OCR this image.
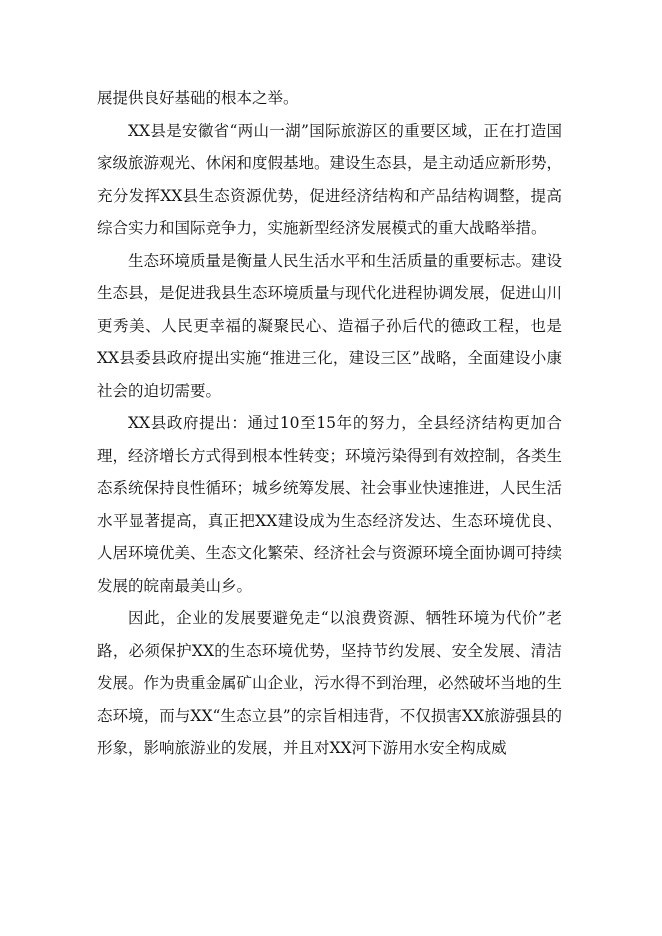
展提供良好基础的根本之举。

XX县是安徽省“两山一湖”国际旅游区的重要区域，正在打造国家级旅游观光、休闲和度假基地。建设生态县，是主动适应新形势，充分发挥XX县生态资源优势，促进经济结构和产品结构调整，提高综合实力和国际竞争力，实施新型经济发展模式的重大战略举措。

生态环境质量是衡量人民生活水平和生活质量的重要标志。建设生态县，是促进我县生态环境质量与现代化进程协调发展，促进山川更秀美、人民更幸福的凝聚民心、造福子孙后代的德政工程，也是XX县委县政府提出实施“推进三化，建设三区”战略，全面建设小康社会的迫切需要。

XX县政府提出：通过10至15年的努力，全县经济结构更加合理，经济增长方式得到根本性转变；环境污染得到有效控制，各类生态系统保持良性循环；城乡统筹发展、社会事业快速推进，人民生活水平显著提高，真正把XX建设成为生态经济发达、生态环境优良、人居环境优美、生态文化繁荣、经济社会与资源环境全面协调可持续发展的皖南最美山乡。

因此，企业的发展要避免走“以浪费资源、牺牲环境为代价”老路，必须保护XX的生态环境优势，坚持节约发展、安全发展、清洁发展。作为贵重金属矿山企业，污水得不到治理，必然破坏当地的生态环境，而与XX“生态立县”的宗旨相违背，不仅损害XX旅游强县的形象，影响旅游业的发展，并且对XX河下游用水安全构成威
